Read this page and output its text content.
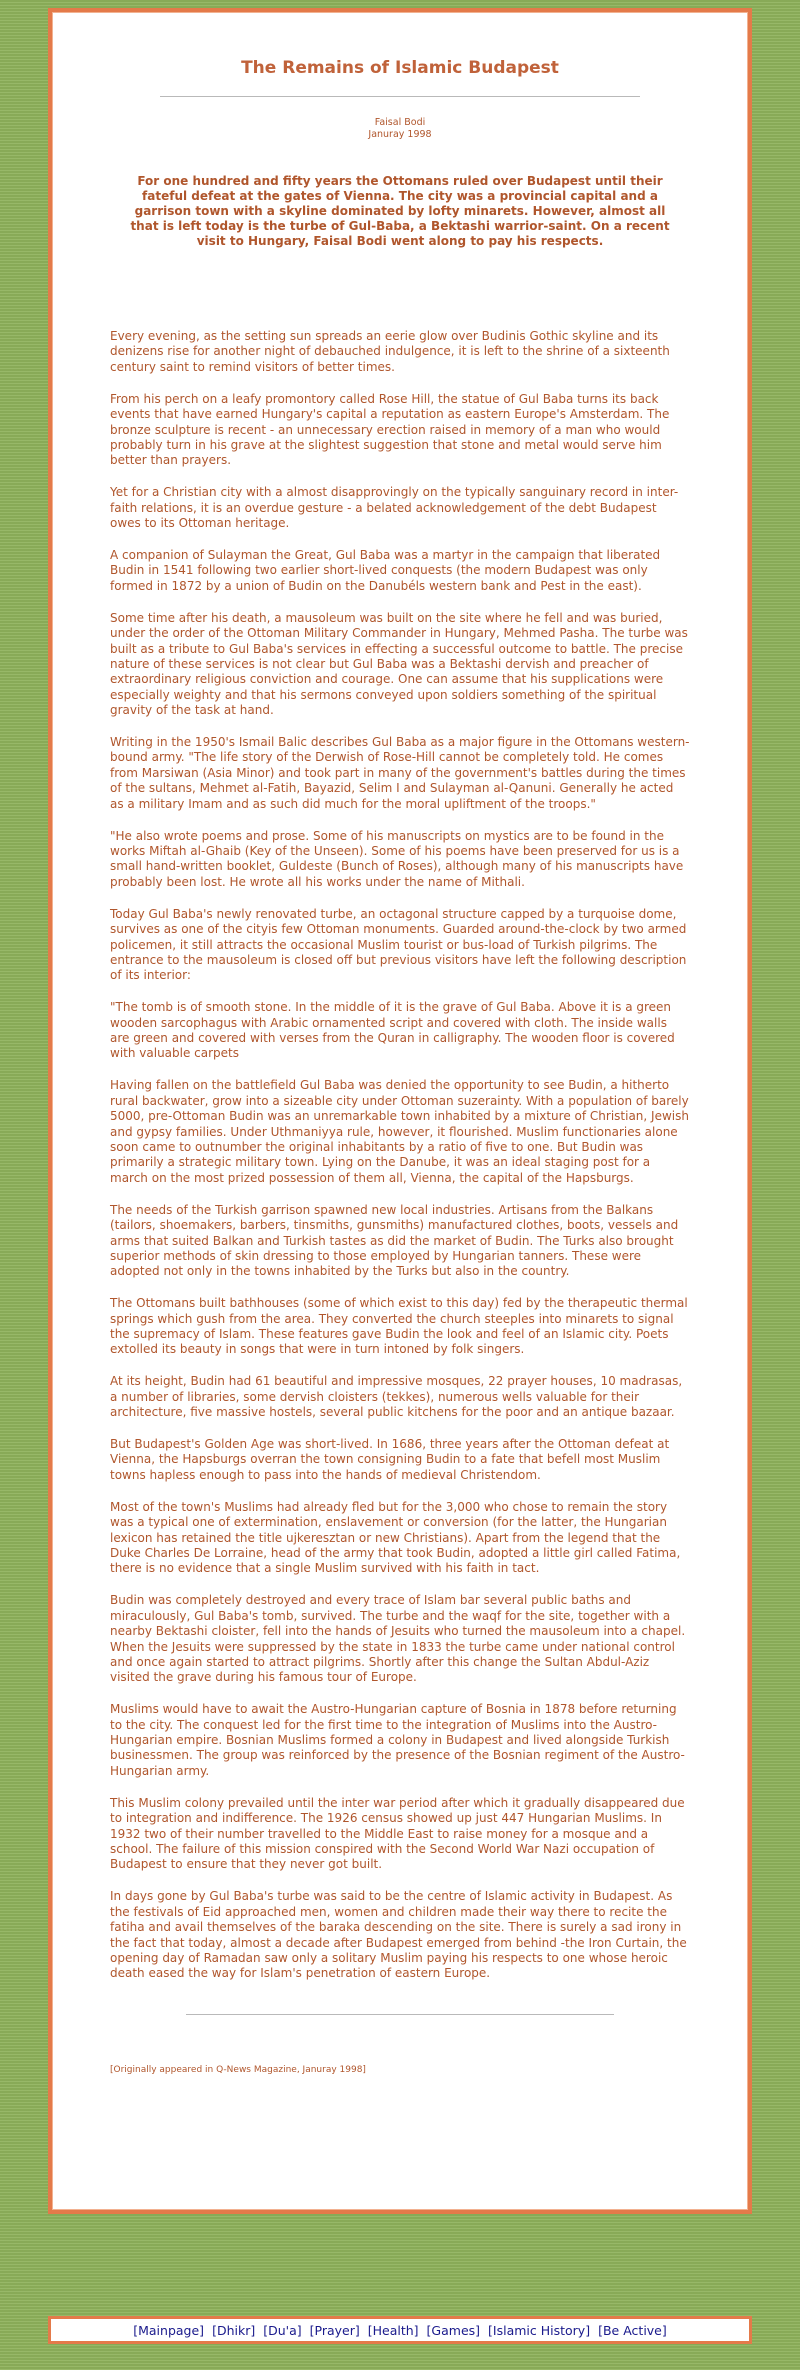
The Remains of Islamic Budapest
Faisal Bodi
Januray 1998
For one hundred and fifty years the Ottomans ruled over Budapest until their fateful defeat at the gates of Vienna. The city was a provincial capital and a garrison town with a skyline dominated by lofty minarets. However, almost all that is left today is the turbe of Gul-Baba, a Bektashi warrior-saint. On a recent visit to Hungary, Faisal Bodi went along to pay his respects.

Every evening, as the setting sun spreads an eerie glow over Budinis Gothic skyline and its denizens rise for another night of debauched indulgence, it is left to the shrine of a sixteenth century saint to remind visitors of better times.

From his perch on a leafy promontory called Rose Hill, the statue of Gul Baba turns its back events that have earned Hungary's capital a reputation as eastern Europe's Amsterdam. The bronze sculpture is recent - an unnecessary erection raised in memory of a man who would probably turn in his grave at the slightest suggestion that stone and metal would serve him better than prayers.

Yet for a Christian city with a almost disapprovingly on the typically sanguinary record in inter-faith relations, it is an overdue gesture - a belated acknowledgement of the debt Budapest owes to its Ottoman heritage.

A companion of Sulayman the Great, Gul Baba was a martyr in the campaign that liberated Budin in 1541 following two earlier short-lived conquests (the modern Budapest was only formed in 1872 by a union of Budin on the Danubéls western bank and Pest in the east).

Some time after his death, a mausoleum was built on the site where he fell and was buried, under the order of the Ottoman Military Commander in Hungary, Mehmed Pasha. The turbe was built as a tribute to Gul Baba's services in effecting a successful outcome to battle. The precise nature of these services is not clear but Gul Baba was a Bektashi dervish and preacher of extraordinary religious conviction and courage. One can assume that his supplications were especially weighty and that his sermons conveyed upon soldiers something of the spiritual gravity of the task at hand.

Writing in the 1950's Ismail Balic describes Gul Baba as a major figure in the Ottomans western-bound army. "The life story of the Derwish of Rose-Hill cannot be completely told. He comes from Marsiwan (Asia Minor) and took part in many of the government's battles during the times of the sultans, Mehmet al-Fatih, Bayazid, Selim I and Sulayman al-Qanuni. Generally he acted as a military Imam and as such did much for the moral upliftment of the troops."

"He also wrote poems and prose. Some of his manuscripts on mystics are to be found in the works Miftah al-Ghaib (Key of the Unseen). Some of his poems have been preserved for us is a small hand-written booklet, Guldeste (Bunch of Roses), although many of his manuscripts have probably been lost. He wrote all his works under the name of Mithali.

Today Gul Baba's newly renovated turbe, an octagonal structure capped by a turquoise dome, survives as one of the cityis few Ottoman monuments. Guarded around-the-clock by two armed policemen, it still attracts the occasional Muslim tourist or bus-load of Turkish pilgrims. The entrance to the mausoleum is closed off but previous visitors have left the following description of its interior:

"The tomb is of smooth stone. In the middle of it is the grave of Gul Baba. Above it is a green wooden sarcophagus with Arabic ornamented script and covered with cloth. The inside walls are green and covered with verses from the Quran in calligraphy. The wooden floor is covered with valuable carpets

Having fallen on the battlefield Gul Baba was denied the opportunity to see Budin, a hitherto rural backwater, grow into a sizeable city under Ottoman suzerainty. With a population of barely 5000, pre-Ottoman Budin was an unremarkable town inhabited by a mixture of Christian, Jewish and gypsy families. Under Uthmaniyya rule, however, it flourished. Muslim functionaries alone soon came to outnumber the original inhabitants by a ratio of five to one. But Budin was primarily a strategic military town. Lying on the Danube, it was an ideal staging post for a march on the most prized possession of them all, Vienna, the capital of the Hapsburgs.

The needs of the Turkish garrison spawned new local industries. Artisans from the Balkans (tailors, shoemakers, barbers, tinsmiths, gunsmiths) manufactured clothes, boots, vessels and arms that suited Balkan and Turkish tastes as did the market of Budin. The Turks also brought superior methods of skin dressing to those employed by Hungarian tanners. These were adopted not only in the towns inhabited by the Turks but also in the country.

The Ottomans built bathhouses (some of which exist to this day) fed by the therapeutic thermal springs which gush from the area. They converted the church steeples into minarets to signal the supremacy of Islam. These features gave Budin the look and feel of an Islamic city. Poets extolled its beauty in songs that were in turn intoned by folk singers.

At its height, Budin had 61 beautiful and impressive mosques, 22 prayer houses, 10 madrasas, a number of libraries, some dervish cloisters (tekkes), numerous wells valuable for their architecture, five massive hostels, several public kitchens for the poor and an antique bazaar.

But Budapest's Golden Age was short-lived. In 1686, three years after the Ottoman defeat at Vienna, the Hapsburgs overran the town consigning Budin to a fate that befell most Muslim towns hapless enough to pass into the hands of medieval Christendom.

Most of the town's Muslims had already fled but for the 3,000 who chose to remain the story was a typical one of extermination, enslavement or conversion (for the latter, the Hungarian lexicon has retained the title ujkeresztan or new Christians). Apart from the legend that the Duke Charles De Lorraine, head of the army that took Budin, adopted a little girl called Fatima, there is no evidence that a single Muslim survived with his faith in tact.

Budin was completely destroyed and every trace of Islam bar several public baths and miraculously, Gul Baba's tomb, survived. The turbe and the waqf for the site, together with a nearby Bektashi cloister, fell into the hands of Jesuits who turned the mausoleum into a chapel. When the Jesuits were suppressed by the state in 1833 the turbe came under national control and once again started to attract pilgrims. Shortly after this change the Sultan Abdul-Aziz visited the grave during his famous tour of Europe.

Muslims would have to await the Austro-Hungarian capture of Bosnia in 1878 before returning to the city. The conquest led for the first time to the integration of Muslims into the Austro-Hungarian empire. Bosnian Muslims formed a colony in Budapest and lived alongside Turkish businessmen. The group was reinforced by the presence of the Bosnian regiment of the Austro-Hungarian army.

This Muslim colony prevailed until the inter war period after which it gradually disappeared due to integration and indifference. The 1926 census showed up just 447 Hungarian Muslims. In 1932 two of their number travelled to the Middle East to raise money for a mosque and a school. The failure of this mission conspired with the Second World War Nazi occupation of Budapest to ensure that they never got built.

In days gone by Gul Baba's turbe was said to be the centre of Islamic activity in Budapest. As the festivals of Eid approached men, women and children made their way there to recite the fatiha and avail themselves of the baraka descending on the site. There is surely a sad irony in the fact that today, almost a decade after Budapest emerged from behind -the Iron Curtain, the opening day of Ramadan saw only a solitary Muslim paying his respects to one whose heroic death eased the way for Islam's penetration of eastern Europe.

[Originally appeared in Q-News Magazine, Januray 1998]
[Mainpage] [Dhikr] [Du'a] [Prayer] [Health] [Games] [Islamic History] [Be Active]
